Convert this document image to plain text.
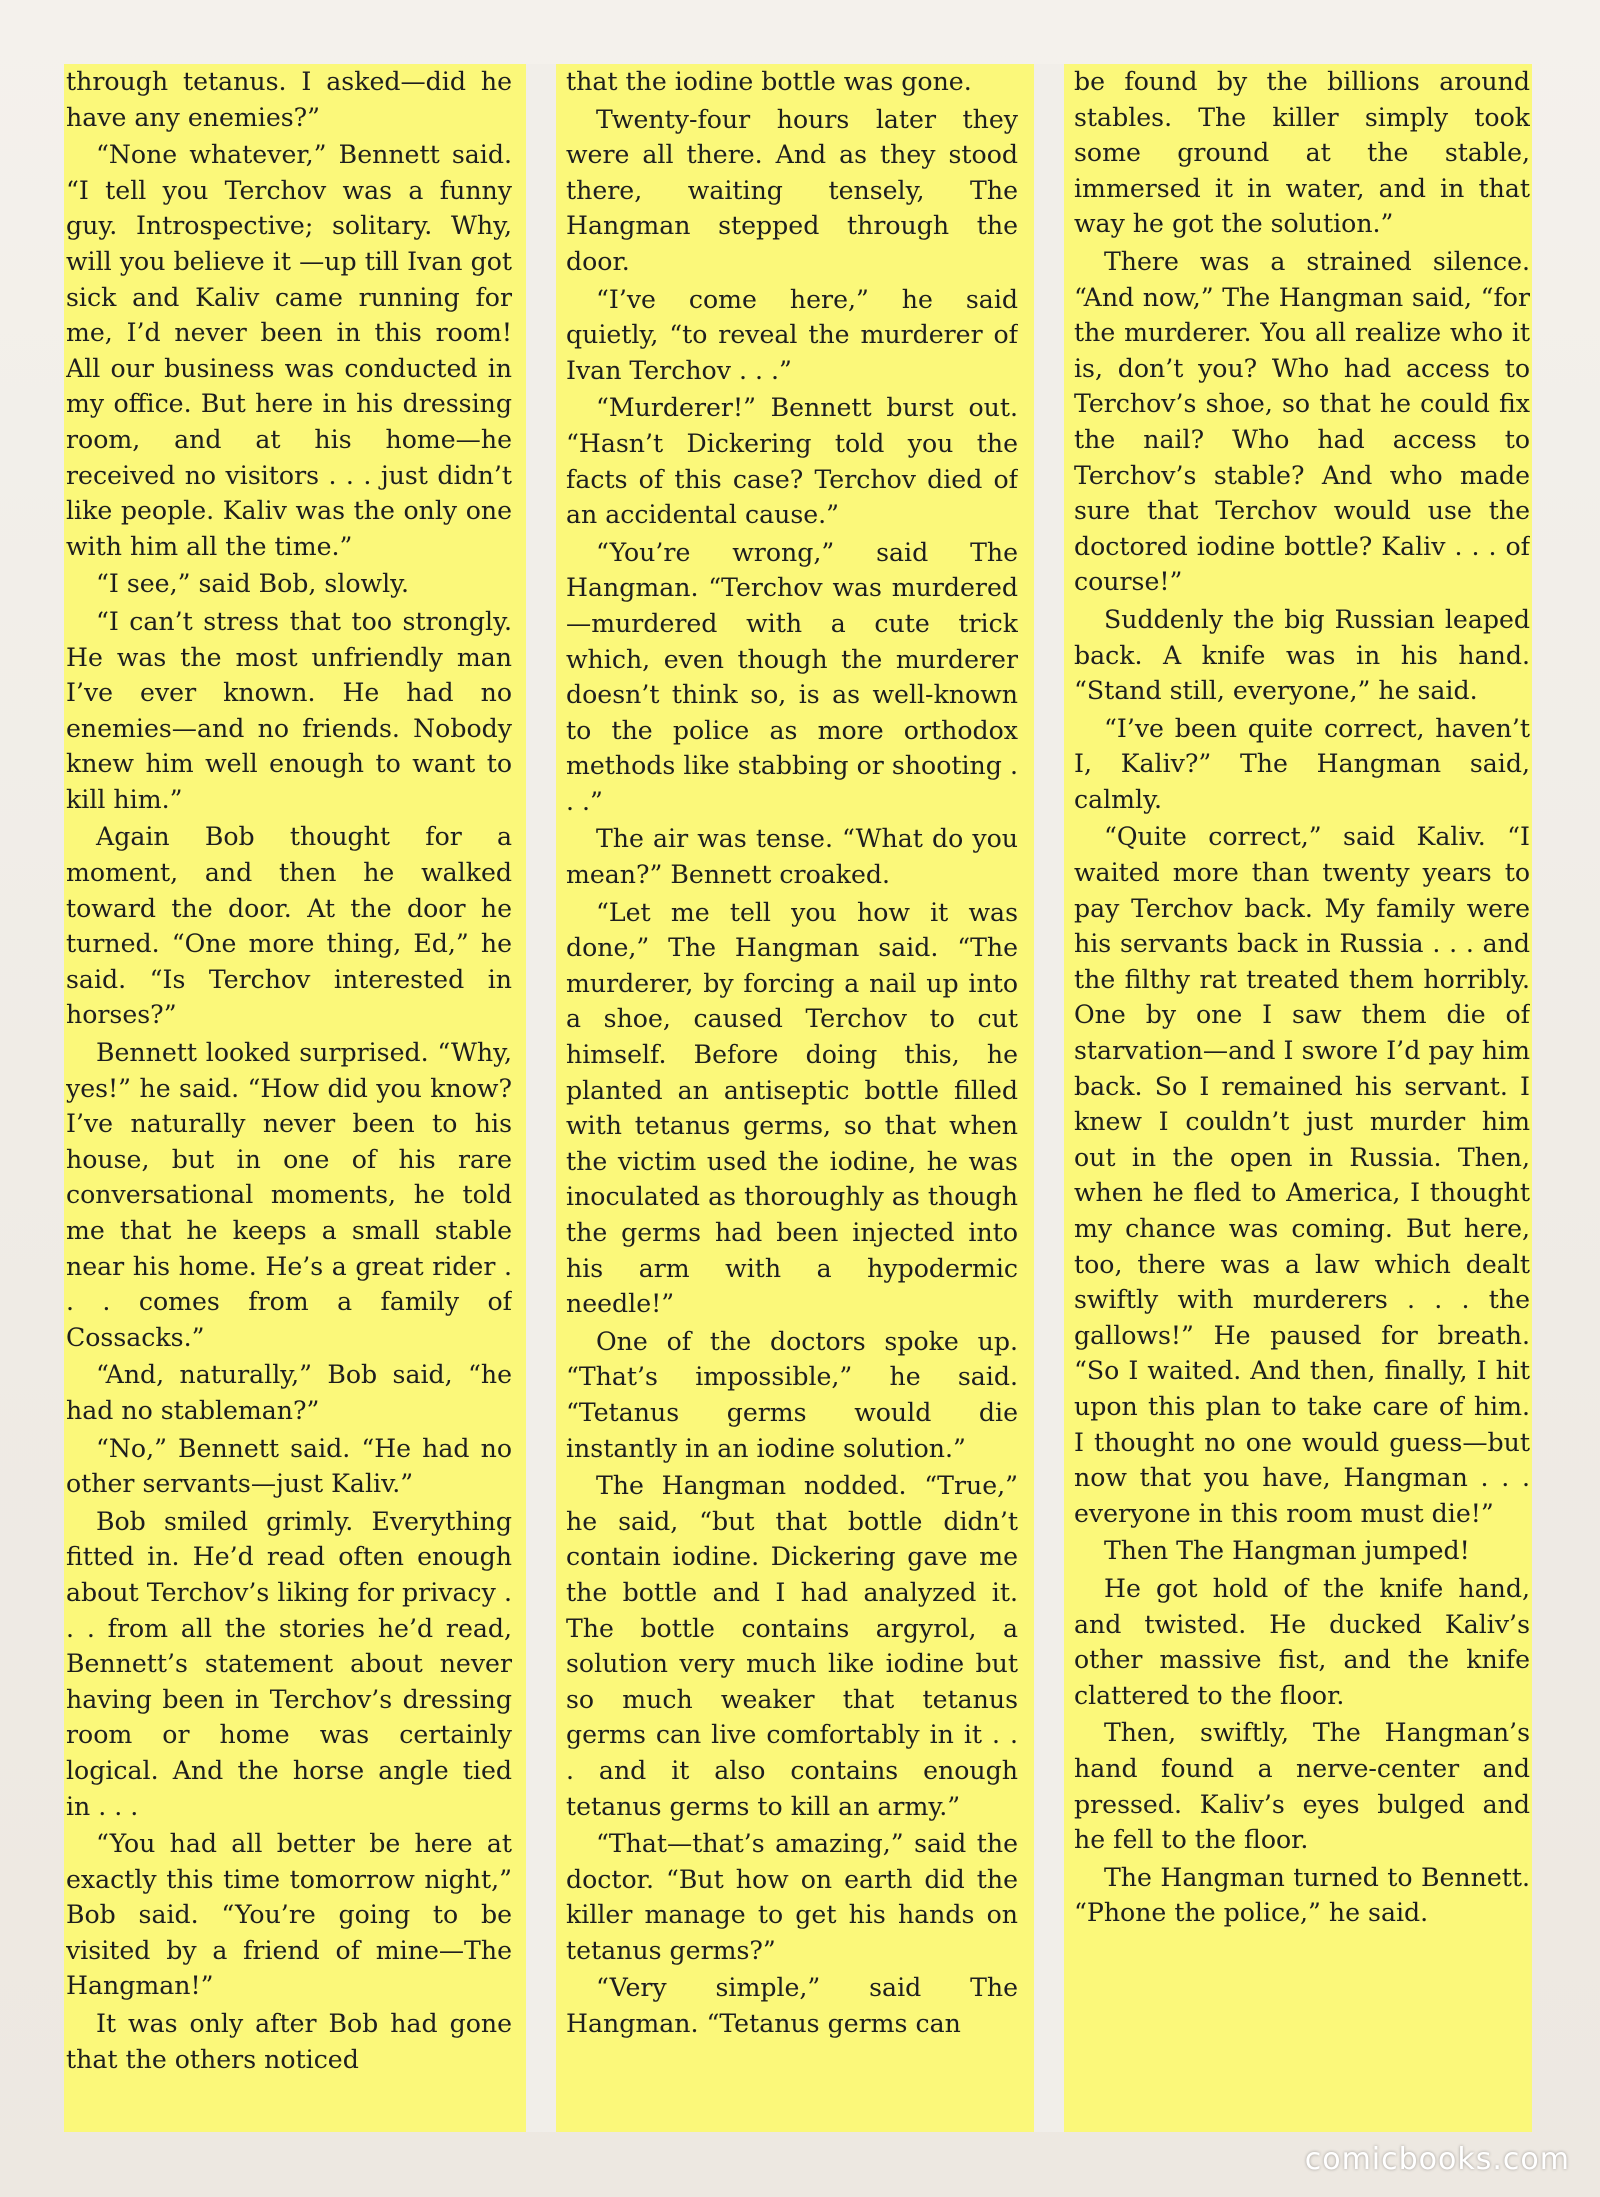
through tetanus. I asked—did he have any enemies?”

“None whatever,” Bennett said. “I tell you Terchov was a funny guy. Introspective; solitary. Why, will you believe it —up till Ivan got sick and Kaliv came running for me, I’d never been in this room! All our business was conducted in my office. But here in his dressing room, and at his home—he received no visitors . . . just didn’t like people. Kaliv was the only one with him all the time.”

“I see,” said Bob, slowly.

“I can’t stress that too strongly. He was the most unfriendly man I’ve ever known. He had no enemies—and no friends. Nobody knew him well enough to want to kill him.”

Again Bob thought for a moment, and then he walked toward the door. At the door he turned. “One more thing, Ed,” he said. “Is Terchov interested in horses?”

Bennett looked surprised. “Why, yes!” he said. “How did you know? I’ve naturally never been to his house, but in one of his rare conversational moments, he told me that he keeps a small stable near his home. He’s a great rider . . . comes from a family of Cossacks.”

“And, naturally,” Bob said, “he had no stableman?”

“No,” Bennett said. “He had no other servants—just Kaliv.”

Bob smiled grimly. Everything fitted in. He’d read often enough about Terchov’s liking for privacy . . . from all the stories he’d read, Bennett’s statement about never having been in Terchov’s dressing room or home was certainly logical. And the horse angle tied in . . .

“You had all better be here at exactly this time tomorrow night,” Bob said. “You’re going to be visited by a friend of mine—The Hangman!”

It was only after Bob had gone that the others noticed

that the iodine bottle was gone.

Twenty-four hours later they were all there. And as they stood there, waiting tensely, The Hangman stepped through the door.

“I’ve come here,” he said quietly, “to reveal the murderer of Ivan Terchov . . .”

“Murderer!” Bennett burst out. “Hasn’t Dickering told you the facts of this case? Terchov died of an accidental cause.”

“You’re wrong,” said The Hangman. “Terchov was murdered—murdered with a cute trick which, even though the murderer doesn’t think so, is as well-known to the police as more orthodox methods like stabbing or shooting . . .”

The air was tense. “What do you mean?” Bennett croaked.

“Let me tell you how it was done,” The Hangman said. “The murderer, by forcing a nail up into a shoe, caused Terchov to cut himself. Before doing this, he planted an antiseptic bottle filled with tetanus germs, so that when the victim used the iodine, he was inoculated as thoroughly as though the germs had been injected into his arm with a hypodermic needle!”

One of the doctors spoke up. “That’s impossible,” he said. “Tetanus germs would die instantly in an iodine solution.”

The Hangman nodded. “True,” he said, “but that bottle didn’t contain iodine. Dickering gave me the bottle and I had analyzed it. The bottle contains argyrol, a solution very much like iodine but so much weaker that tetanus germs can live comfortably in it . . . and it also contains enough tetanus germs to kill an army.”

“That—that’s amazing,” said the doctor. “But how on earth did the killer manage to get his hands on tetanus germs?”

“Very simple,” said The Hangman. “Tetanus germs can

be found by the billions around stables. The killer simply took some ground at the stable, immersed it in water, and in that way he got the solution.”

There was a strained silence. “And now,” The Hangman said, “for the murderer. You all realize who it is, don’t you? Who had access to Terchov’s shoe, so that he could fix the nail? Who had access to Terchov’s stable? And who made sure that Terchov would use the doctored iodine bottle? Kaliv . . . of course!”

Suddenly the big Russian leaped back. A knife was in his hand. “Stand still, everyone,” he said.

“I’ve been quite correct, haven’t I, Kaliv?” The Hangman said, calmly.

“Quite correct,” said Kaliv. “I waited more than twenty years to pay Terchov back. My family were his servants back in Russia . . . and the filthy rat treated them horribly. One by one I saw them die of starvation—and I swore I’d pay him back. So I remained his servant. I knew I couldn’t just murder him out in the open in Russia. Then, when he fled to America, I thought my chance was coming. But here, too, there was a law which dealt swiftly with murderers . . . the gallows!” He paused for breath. “So I waited. And then, finally, I hit upon this plan to take care of him. I thought no one would guess—but now that you have, Hangman . . . everyone in this room must die!”

Then The Hangman jumped!

He got hold of the knife hand, and twisted. He ducked Kaliv’s other massive fist, and the knife clattered to the floor.

Then, swiftly, The Hangman’s hand found a nerve-center and pressed. Kaliv’s eyes bulged and he fell to the floor.

The Hangman turned to Bennett. “Phone the police,” he said.

comicbooks.com
